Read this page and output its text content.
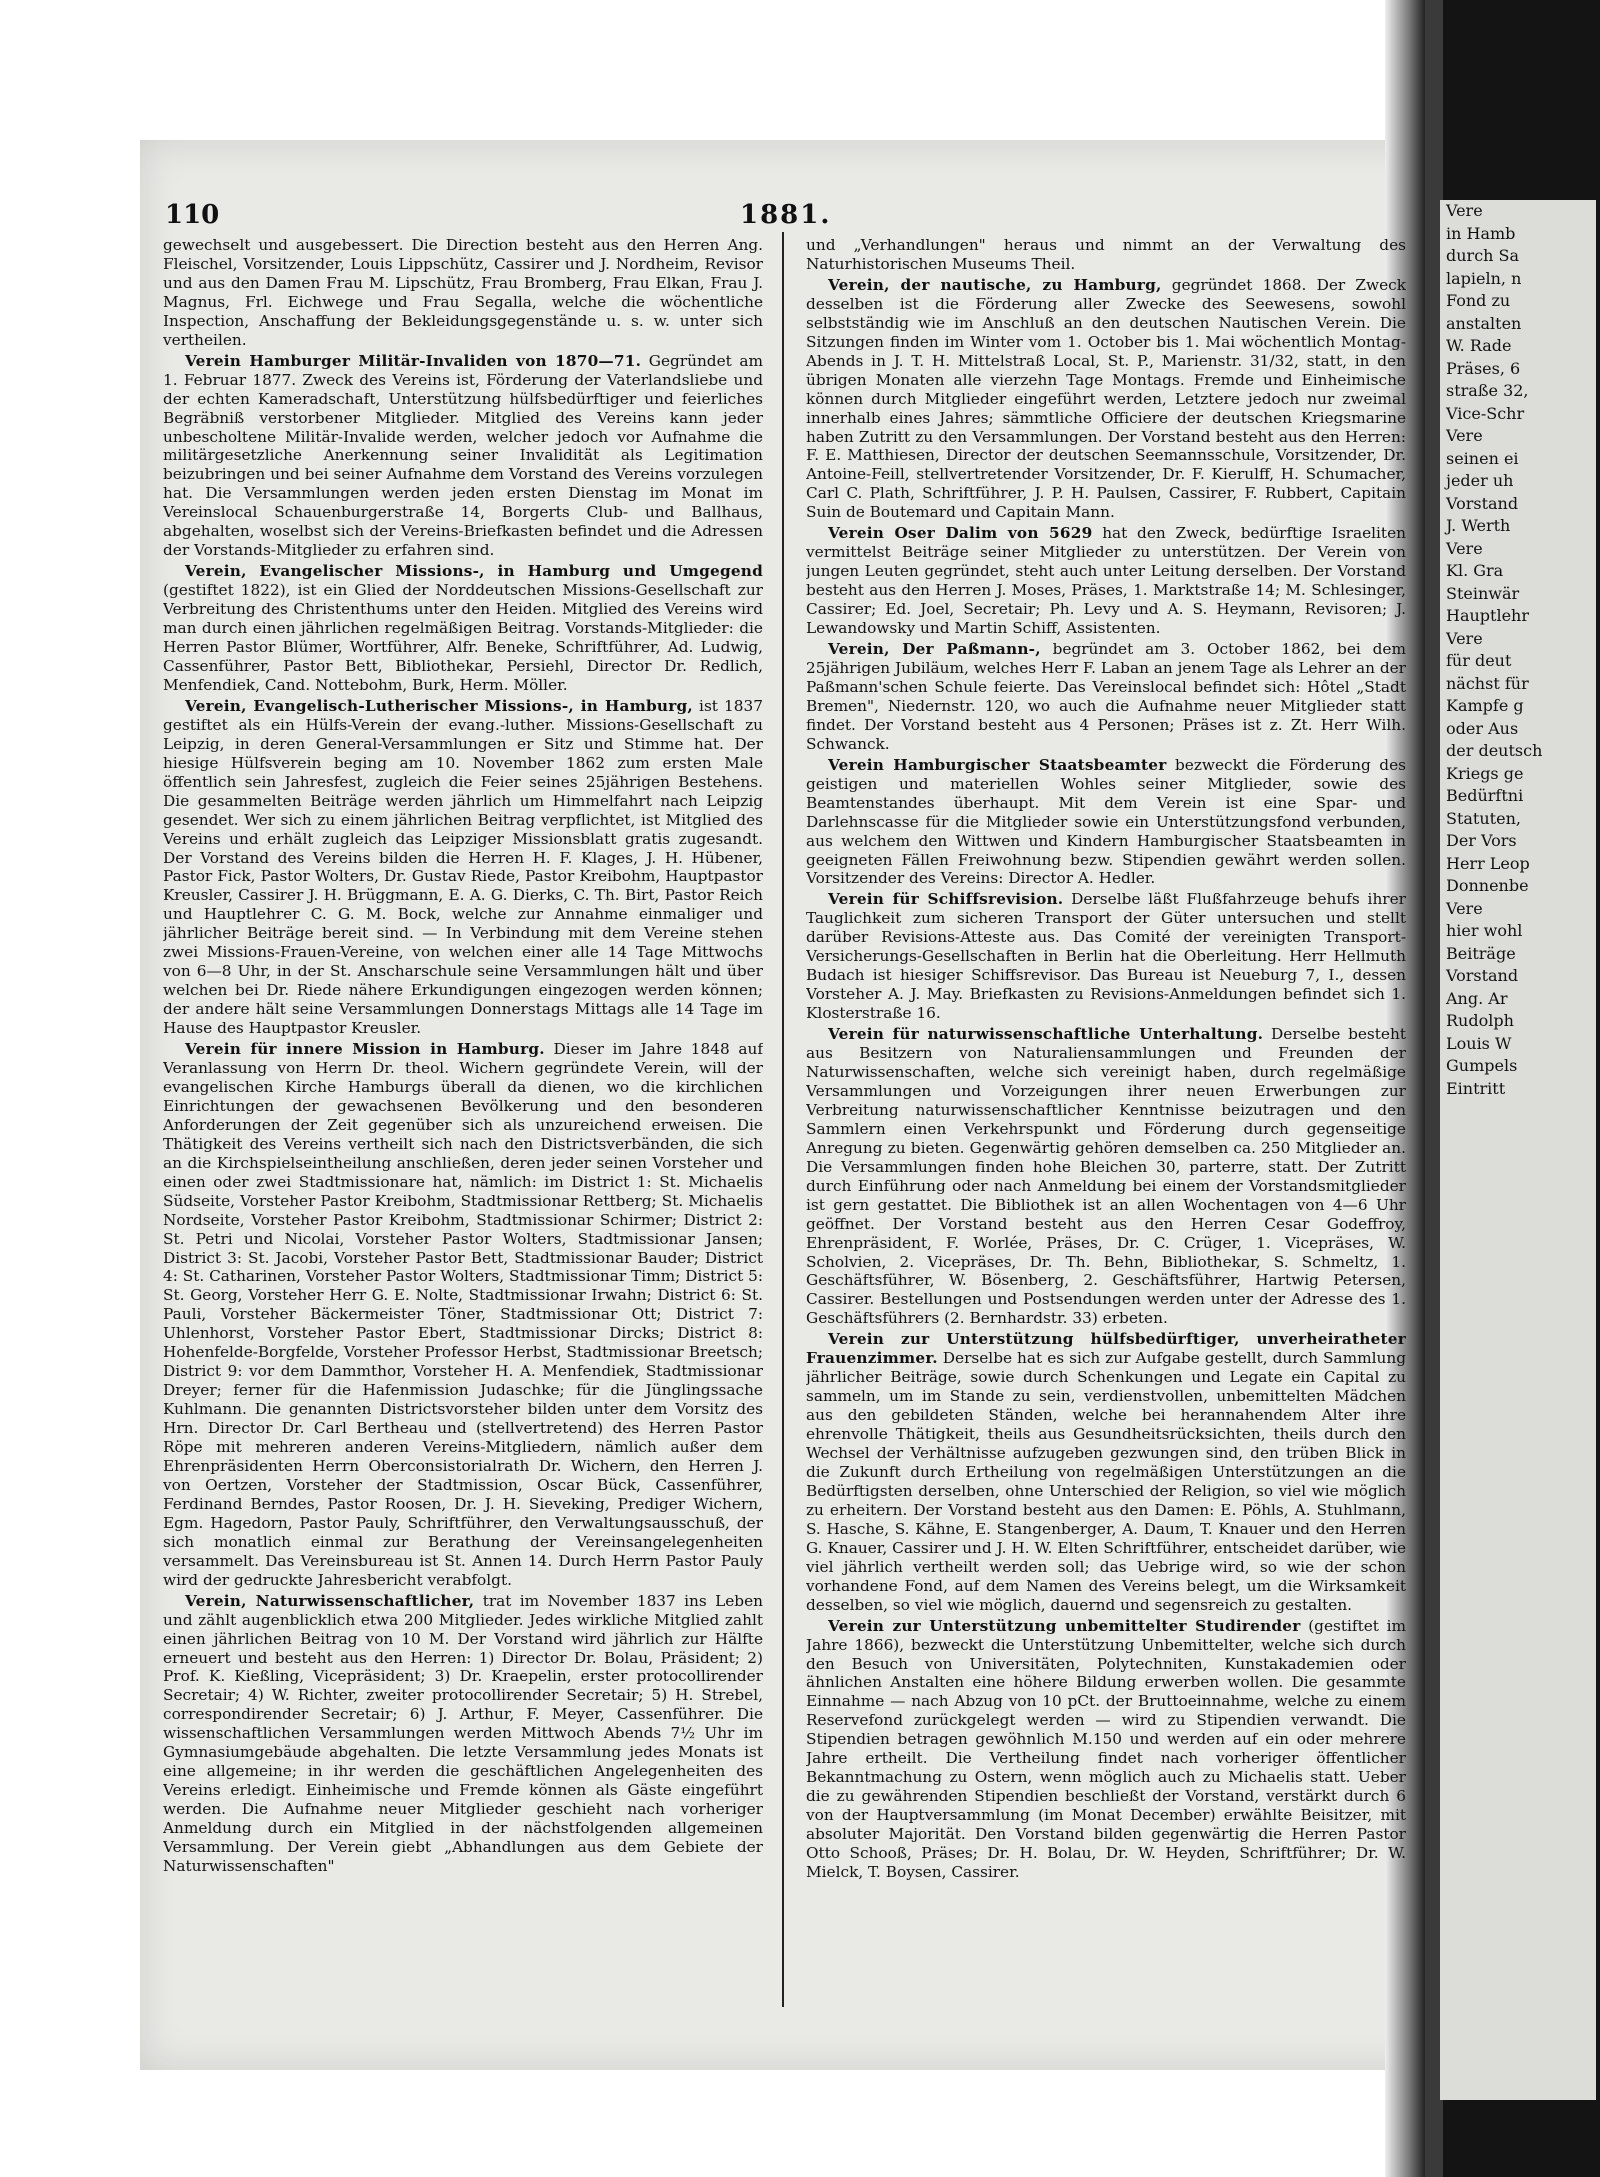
Vere
in Hamb
durch Sa
lapieln, n
Fond zu
anstalten
W. Rade
Präses, 6
straße 32,
Vice-Schr
Vere
seinen ei
jeder uh
Vorstand
J. Werth
Vere
Kl. Gra
Steinwär
Hauptlehr
Vere
für deut
nächst für
Kampfe g
oder Aus
der deutsch
Kriegs ge
Bedürftni
Statuten,
Der Vors
Herr Leop
Donnenbe
Vere
hier wohl
Beiträge
Vorstand
Ang. Ar
Rudolph
Louis W
Gumpels
Eintritt
110	1881.

gewechselt und ausgebessert. Die Direction besteht aus den Herren Ang. Fleischel, Vorsitzender, Louis Lippschütz, Cassirer und J. Nordheim, Revisor und aus den Damen Frau M. Lipschütz, Frau Bromberg, Frau Elkan, Frau J. Magnus, Frl. Eichwege und Frau Segalla, welche die wöchentliche Inspection, Anschaffung der Bekleidungsgegenstände u. s. w. unter sich vertheilen.

Verein Hamburger Militär-Invaliden von 1870—71. Gegründet am 1. Februar 1877. Zweck des Vereins ist, Förderung der Vaterlandsliebe und der echten Kameradschaft, Unterstützung hülfsbedürftiger und feierliches Begräbniß verstorbener Mitglieder. Mitglied des Vereins kann jeder unbescholtene Militär-Invalide werden, welcher jedoch vor Aufnahme die militärgesetzliche Anerkennung seiner Invalidität als Legitimation beizubringen und bei seiner Aufnahme dem Vorstand des Vereins vorzulegen hat. Die Versammlungen werden jeden ersten Dienstag im Monat im Vereinslocal Schauenburgerstraße 14, Borgerts Club- und Ballhaus, abgehalten, woselbst sich der Vereins-Briefkasten befindet und die Adressen der Vorstands-Mitglieder zu erfahren sind.

Verein, Evangelischer Missions-, in Hamburg und Umgegend (gestiftet 1822), ist ein Glied der Norddeutschen Missions-Gesellschaft zur Verbreitung des Christenthums unter den Heiden. Mitglied des Vereins wird man durch einen jährlichen regelmäßigen Beitrag. Vorstands-Mitglieder: die Herren Pastor Blümer, Wortführer, Alfr. Beneke, Schriftführer, Ad. Ludwig, Cassenführer, Pastor Bett, Bibliothekar, Persiehl, Director Dr. Redlich, Menfendiek, Cand. Nottebohm, Burk, Herm. Möller.

Verein, Evangelisch-Lutherischer Missions-, in Hamburg, ist 1837 gestiftet als ein Hülfs-Verein der evang.-luther. Missions-Gesellschaft zu Leipzig, in deren General-Versammlungen er Sitz und Stimme hat. Der hiesige Hülfsverein beging am 10. November 1862 zum ersten Male öffentlich sein Jahresfest, zugleich die Feier seines 25jährigen Bestehens. Die gesammelten Beiträge werden jährlich um Himmelfahrt nach Leipzig gesendet. Wer sich zu einem jährlichen Beitrag verpflichtet, ist Mitglied des Vereins und erhält zugleich das Leipziger Missionsblatt gratis zugesandt. Der Vorstand des Vereins bilden die Herren H. F. Klages, J. H. Hübener, Pastor Fick, Pastor Wolters, Dr. Gustav Riede, Pastor Kreibohm, Hauptpastor Kreusler, Cassirer J. H. Brüggmann, E. A. G. Dierks, C. Th. Birt, Pastor Reich und Hauptlehrer C. G. M. Bock, welche zur Annahme einmaliger und jährlicher Beiträge bereit sind. — In Verbindung mit dem Vereine stehen zwei Missions-Frauen-Vereine, von welchen einer alle 14 Tage Mittwochs von 6—8 Uhr, in der St. Anscharschule seine Versammlungen hält und über welchen bei Dr. Riede nähere Erkundigungen eingezogen werden können; der andere hält seine Versammlungen Donnerstags Mittags alle 14 Tage im Hause des Hauptpastor Kreusler.

Verein für innere Mission in Hamburg. Dieser im Jahre 1848 auf Veranlassung von Herrn Dr. theol. Wichern gegründete Verein, will der evangelischen Kirche Hamburgs überall da dienen, wo die kirchlichen Einrichtungen der gewachsenen Bevölkerung und den besonderen Anforderungen der Zeit gegenüber sich als unzureichend erweisen. Die Thätigkeit des Vereins vertheilt sich nach den Districtsverbänden, die sich an die Kirchspielseintheilung anschließen, deren jeder seinen Vorsteher und einen oder zwei Stadtmissionare hat, nämlich: im District 1: St. Michaelis Südseite, Vorsteher Pastor Kreibohm, Stadtmissionar Rettberg; St. Michaelis Nordseite, Vorsteher Pastor Kreibohm, Stadtmissionar Schirmer; District 2: St. Petri und Nicolai, Vorsteher Pastor Wolters, Stadtmissionar Jansen; District 3: St. Jacobi, Vorsteher Pastor Bett, Stadtmissionar Bauder; District 4: St. Catharinen, Vorsteher Pastor Wolters, Stadtmissionar Timm; District 5: St. Georg, Vorsteher Herr G. E. Nolte, Stadtmissionar Irwahn; District 6: St. Pauli, Vorsteher Bäckermeister Töner, Stadtmissionar Ott; District 7: Uhlenhorst, Vorsteher Pastor Ebert, Stadtmissionar Dircks; District 8: Hohenfelde-Borgfelde, Vorsteher Professor Herbst, Stadtmissionar Breetsch; District 9: vor dem Dammthor, Vorsteher H. A. Menfendiek, Stadtmissionar Dreyer; ferner für die Hafenmission Judaschke; für die Jünglingssache Kuhlmann. Die genannten Districtsvorsteher bilden unter dem Vorsitz des Hrn. Director Dr. Carl Bertheau und (stellvertretend) des Herren Pastor Röpe mit mehreren anderen Vereins-Mitgliedern, nämlich außer dem Ehrenpräsidenten Herrn Oberconsistorialrath Dr. Wichern, den Herren J. von Oertzen, Vorsteher der Stadtmission, Oscar Bück, Cassenführer, Ferdinand Berndes, Pastor Roosen, Dr. J. H. Sieveking, Prediger Wichern, Egm. Hagedorn, Pastor Pauly, Schriftführer, den Verwaltungsausschuß, der sich monatlich einmal zur Berathung der Vereinsangelegenheiten versammelt. Das Vereinsbureau ist St. Annen 14. Durch Herrn Pastor Pauly wird der gedruckte Jahresbericht verabfolgt.

Verein, Naturwissenschaftlicher, trat im November 1837 ins Leben und zählt augenblicklich etwa 200 Mitglieder. Jedes wirkliche Mitglied zahlt einen jährlichen Beitrag von 10 M. Der Vorstand wird jährlich zur Hälfte erneuert und besteht aus den Herren: 1) Director Dr. Bolau, Präsident; 2) Prof. K. Kießling, Vicepräsident; 3) Dr. Kraepelin, erster protocollirender Secretair; 4) W. Richter, zweiter protocollirender Secretair; 5) H. Strebel, correspondirender Secretair; 6) J. Arthur, F. Meyer, Cassenführer. Die wissenschaftlichen Versammlungen werden Mittwoch Abends 7½ Uhr im Gymnasiumgebäude abgehalten. Die letzte Versammlung jedes Monats ist eine allgemeine; in ihr werden die geschäftlichen Angelegenheiten des Vereins erledigt. Einheimische und Fremde können als Gäste eingeführt werden. Die Aufnahme neuer Mitglieder geschieht nach vorheriger Anmeldung durch ein Mitglied in der nächstfolgenden allgemeinen Versammlung. Der Verein giebt „Abhandlungen aus dem Gebiete der Naturwissenschaften"

und „Verhandlungen" heraus und nimmt an der Verwaltung des Naturhistorischen Museums Theil.

Verein, der nautische, zu Hamburg, gegründet 1868. Der Zweck desselben ist die Förderung aller Zwecke des Seewesens, sowohl selbstständig wie im Anschluß an den deutschen Nautischen Verein. Die Sitzungen finden im Winter vom 1. October bis 1. Mai wöchentlich Montag-Abends in J. T. H. Mittelstraß Local, St. P., Marienstr. 31/32, statt, in den übrigen Monaten alle vierzehn Tage Montags. Fremde und Einheimische können durch Mitglieder eingeführt werden, Letztere jedoch nur zweimal innerhalb eines Jahres; sämmtliche Officiere der deutschen Kriegsmarine haben Zutritt zu den Versammlungen. Der Vorstand besteht aus den Herren: F. E. Matthiesen, Director der deutschen Seemannsschule, Vorsitzender, Dr. Antoine-Feill, stellvertretender Vorsitzender, Dr. F. Kierulff, H. Schumacher, Carl C. Plath, Schriftführer, J. P. H. Paulsen, Cassirer, F. Rubbert, Capitain Suin de Boutemard und Capitain Mann.

Verein Oser Dalim von 5629 hat den Zweck, bedürftige Israeliten vermittelst Beiträge seiner Mitglieder zu unterstützen. Der Verein von jungen Leuten gegründet, steht auch unter Leitung derselben. Der Vorstand besteht aus den Herren J. Moses, Präses, 1. Marktstraße 14; M. Schlesinger, Cassirer; Ed. Joel, Secretair; Ph. Levy und A. S. Heymann, Revisoren; J. Lewandowsky und Martin Schiff, Assistenten.

Verein, Der Paßmann-, begründet am 3. October 1862, bei dem 25jährigen Jubiläum, welches Herr F. Laban an jenem Tage als Lehrer an der Paßmann'schen Schule feierte. Das Vereinslocal befindet sich: Hôtel „Stadt Bremen", Niedernstr. 120, wo auch die Aufnahme neuer Mitglieder statt findet. Der Vorstand besteht aus 4 Personen; Präses ist z. Zt. Herr Wilh. Schwanck.

Verein Hamburgischer Staatsbeamter bezweckt die Förderung des geistigen und materiellen Wohles seiner Mitglieder, sowie des Beamtenstandes überhaupt. Mit dem Verein ist eine Spar- und Darlehnscasse für die Mitglieder sowie ein Unterstützungsfond verbunden, aus welchem den Wittwen und Kindern Hamburgischer Staatsbeamten in geeigneten Fällen Freiwohnung bezw. Stipendien gewährt werden sollen. Vorsitzender des Vereins: Director A. Hedler.

Verein für Schiffsrevision. Derselbe läßt Flußfahrzeuge behufs ihrer Tauglichkeit zum sicheren Transport der Güter untersuchen und stellt darüber Revisions-Atteste aus. Das Comité der vereinigten Transport-Versicherungs-Gesellschaften in Berlin hat die Oberleitung. Herr Hellmuth Budach ist hiesiger Schiffsrevisor. Das Bureau ist Neueburg 7, I., dessen Vorsteher A. J. May. Briefkasten zu Revisions-Anmeldungen befindet sich 1. Klosterstraße 16.

Verein für naturwissenschaftliche Unterhaltung. Derselbe besteht aus Besitzern von Naturaliensammlungen und Freunden der Naturwissenschaften, welche sich vereinigt haben, durch regelmäßige Versammlungen und Vorzeigungen ihrer neuen Erwerbungen zur Verbreitung naturwissenschaftlicher Kenntnisse beizutragen und den Sammlern einen Verkehrspunkt und Förderung durch gegenseitige Anregung zu bieten. Gegenwärtig gehören demselben ca. 250 Mitglieder an. Die Versammlungen finden hohe Bleichen 30, parterre, statt. Der Zutritt durch Einführung oder nach Anmeldung bei einem der Vorstandsmitglieder ist gern gestattet. Die Bibliothek ist an allen Wochentagen von 4—6 Uhr geöffnet. Der Vorstand besteht aus den Herren Cesar Godeffroy, Ehrenpräsident, F. Worlée, Präses, Dr. C. Crüger, 1. Vicepräses, W. Scholvien, 2. Vicepräses, Dr. Th. Behn, Bibliothekar, S. Schmeltz, 1. Geschäftsführer, W. Bösenberg, 2. Geschäftsführer, Hartwig Petersen, Cassirer. Bestellungen und Postsendungen werden unter der Adresse des 1. Geschäftsführers (2. Bernhardstr. 33) erbeten.

Verein zur Unterstützung hülfsbedürftiger, unverheiratheter Frauenzimmer. Derselbe hat es sich zur Aufgabe gestellt, durch Sammlung jährlicher Beiträge, sowie durch Schenkungen und Legate ein Capital zu sammeln, um im Stande zu sein, verdienstvollen, unbemittelten Mädchen aus den gebildeten Ständen, welche bei herannahendem Alter ihre ehrenvolle Thätigkeit, theils aus Gesundheitsrücksichten, theils durch den Wechsel der Verhältnisse aufzugeben gezwungen sind, den trüben Blick in die Zukunft durch Ertheilung von regelmäßigen Unterstützungen an die Bedürftigsten derselben, ohne Unterschied der Religion, so viel wie möglich zu erheitern. Der Vorstand besteht aus den Damen: E. Pöhls, A. Stuhlmann, S. Hasche, S. Kähne, E. Stangenberger, A. Daum, T. Knauer und den Herren G. Knauer, Cassirer und J. H. W. Elten Schriftführer, entscheidet darüber, wie viel jährlich vertheilt werden soll; das Uebrige wird, so wie der schon vorhandene Fond, auf dem Namen des Vereins belegt, um die Wirksamkeit desselben, so viel wie möglich, dauernd und segensreich zu gestalten.

Verein zur Unterstützung unbemittelter Studirender (gestiftet im Jahre 1866), bezweckt die Unterstützung Unbemittelter, welche sich durch den Besuch von Universitäten, Polytechniten, Kunstakademien oder ähnlichen Anstalten eine höhere Bildung erwerben wollen. Die gesammte Einnahme — nach Abzug von 10 pCt. der Bruttoeinnahme, welche zu einem Reservefond zurückgelegt werden — wird zu Stipendien verwandt. Die Stipendien betragen gewöhnlich M.150 und werden auf ein oder mehrere Jahre ertheilt. Die Vertheilung findet nach vorheriger öffentlicher Bekanntmachung zu Ostern, wenn möglich auch zu Michaelis statt. Ueber die zu gewährenden Stipendien beschließt der Vorstand, verstärkt durch 6 von der Hauptversammlung (im Monat December) erwählte Beisitzer, mit absoluter Majorität. Den Vorstand bilden gegenwärtig die Herren Pastor Otto Schooß, Präses; Dr. H. Bolau, Dr. W. Heyden, Schriftführer; Dr. W. Mielck, T. Boysen, Cassirer.
